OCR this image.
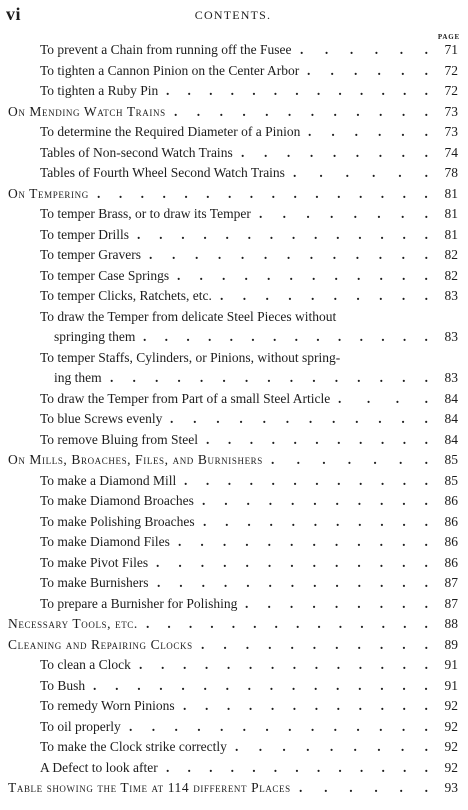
vi	CONTENTS.
PAGE
To prevent a Chain from running off the Fusee . . . . . .	71
To tighten a Cannon Pinion on the Center Arbor . . . . . .	72
To tighten a Ruby Pin . . . . . . . . . . . . .	72
On Mending Watch Trains . . . . . . . . . . . .	73
To determine the Required Diameter of a Pinion . . . . . .	73
Tables of Non-second Watch Trains . . . . . . . . .	74
Tables of Fourth Wheel Second Watch Trains . . . . . .	78
On Tempering . . . . . . . . . . . . . . . .	81
To temper Brass, or to draw its Temper . . . . . . . .	81
To temper Drills . . . . . . . . . . . . . .	81
To temper Gravers . . . . . . . . . . . . .	82
To temper Case Springs . . . . . . . . . . . .	82
To temper Clicks, Ratchets, etc. . . . . . . . . . .	83
To draw the Temper from delicate Steel Pieces without
springing them . . . . . . . . . . . . . .	83
To temper Staffs, Cylinders, or Pinions, without spring-
ing them . . . . . . . . . . . . . . .	83
To draw the Temper from Part of a small Steel Article . . . .	84
To blue Screws evenly . . . . . . . . . . . .	84
To remove Bluing from Steel . . . . . . . . . . .	84
On Mills, Broaches, Files, and Burnishers . . . . . . .	85
To make a Diamond Mill . . . . . . . . . . . .	85
To make Diamond Broaches . . . . . . . . . . .	86
To make Polishing Broaches . . . . . . . . . . .	86
To make Diamond Files . . . . . . . . . . . .	86
To make Pivot Files . . . . . . . . . . . . .	86
To make Burnishers . . . . . . . . . . . . .	87
To prepare a Burnisher for Polishing . . . . . . . . .	87
Necessary Tools, etc. . . . . . . . . . . . . . .	88
Cleaning and Repairing Clocks . . . . . . . . . . .	89
To clean a Clock . . . . . . . . . . . . . .	91
To Bush . . . . . . . . . . . . . . . .	91
To remedy Worn Pinions . . . . . . . . . . . .	92
To oil properly . . . . . . . . . . . . . .	92
To make the Clock strike correctly . . . . . . . . .	92
A Defect to look after . . . . . . . . . . . . .	92
Table showing the Time at 114 different Places . . . . . .	93
